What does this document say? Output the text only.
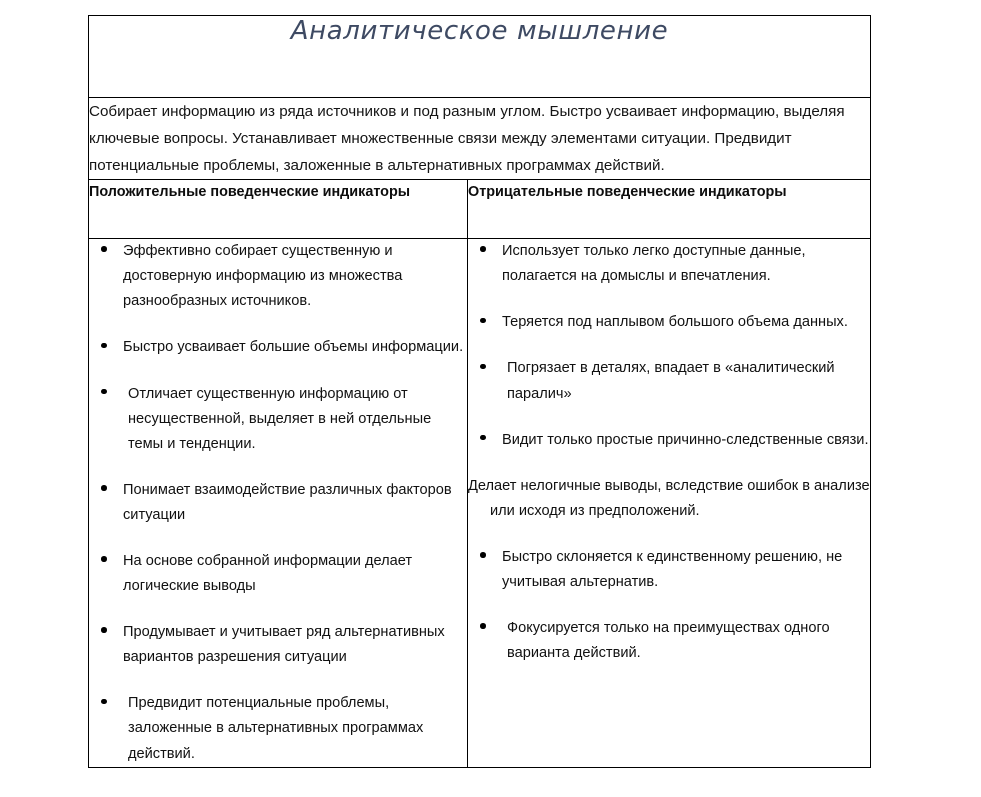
Аналитическое мышление	

Собирает информацию из ряда источников и под разным углом. Быстро усваивает информацию, выделяя ключевые вопросы. Устанавливает множественные связи между элементами ситуации. Предвидит потенциальные проблемы, заложенные в альтернативных программах действий.	

Положительные поведенческие индикаторы	Отрицательные поведенческие индикаторы

Эффективно собирает существенную и достоверную информацию из множества разнообразных источников.
Быстро усваивает большие объемы информации.
Отличает существенную информацию от несущественной, выделяет в ней отдельные темы и тенденции.
Понимает взаимодействие различных факторов ситуации
На основе собранной информации делает логические выводы
Продумывает и учитывает ряд альтернативных вариантов разрешения ситуации
Предвидит потенциальные проблемы, заложенные в альтернативных программах действий.

Использует только легко доступные данные, полагается на домыслы и впечатления.
Теряется под наплывом большого объема данных.
Погрязает в деталях, впадает в «аналитический паралич»
Видит только простые причинно-следственные связи.
Делает нелогичные выводы, вследствие ошибок в анализе или исходя из предположений.
Быстро склоняется к единственному решению, не учитывая альтернатив.
Фокусируется только на преимуществах одного варианта действий.
